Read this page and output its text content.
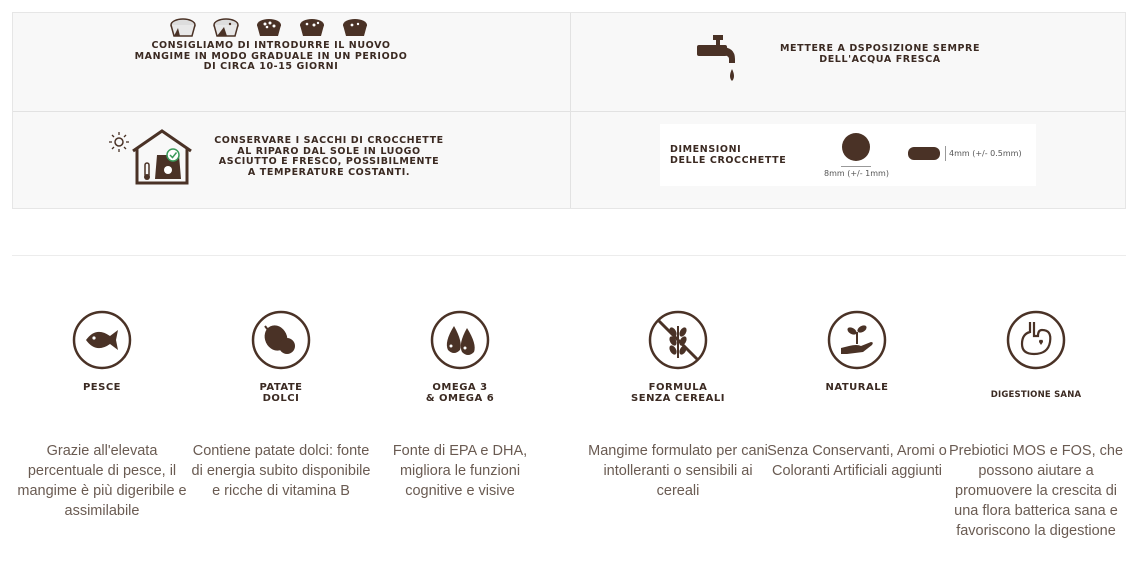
CONSIGLIAMO DI INTRODURRE IL NUOVO
MANGIME IN MODO GRADUALE IN UN PERIODO
DI CIRCA 10-15 GIORNI
METTERE A DSPOSIZIONE SEMPRE
DELL'ACQUA FRESCA
CONSERVARE I SACCHI DI CROCCHETTE
AL RIPARO DAL SOLE IN LUOGO
ASCIUTTO E FRESCO, POSSIBILMENTE
A TEMPERATURE COSTANTI.
DIMENSIONI
DELLE CROCCHETTE
8mm (+/- 1mm)
4mm (+/- 0.5mm)
PESCE
Grazie all'elevata percentuale di pesce, il mangime è più digeribile e assimilabile
PATATE
DOLCI
Contiene patate dolci: fonte di energia subito disponibile e ricche di vitamina B
OMEGA 3
& OMEGA 6
Fonte di EPA e DHA, migliora le funzioni cognitive e visive
FORMULA
SENZA CEREALI
Mangime formulato per cani intolleranti o sensibili ai cereali
NATURALE
Senza Conservanti, Aromi o Coloranti Artificiali aggiunti
DIGESTIONE SANA
Prebiotici MOS e FOS, che possono aiutare a promuovere la crescita di una flora batterica sana e favoriscono la digestione
